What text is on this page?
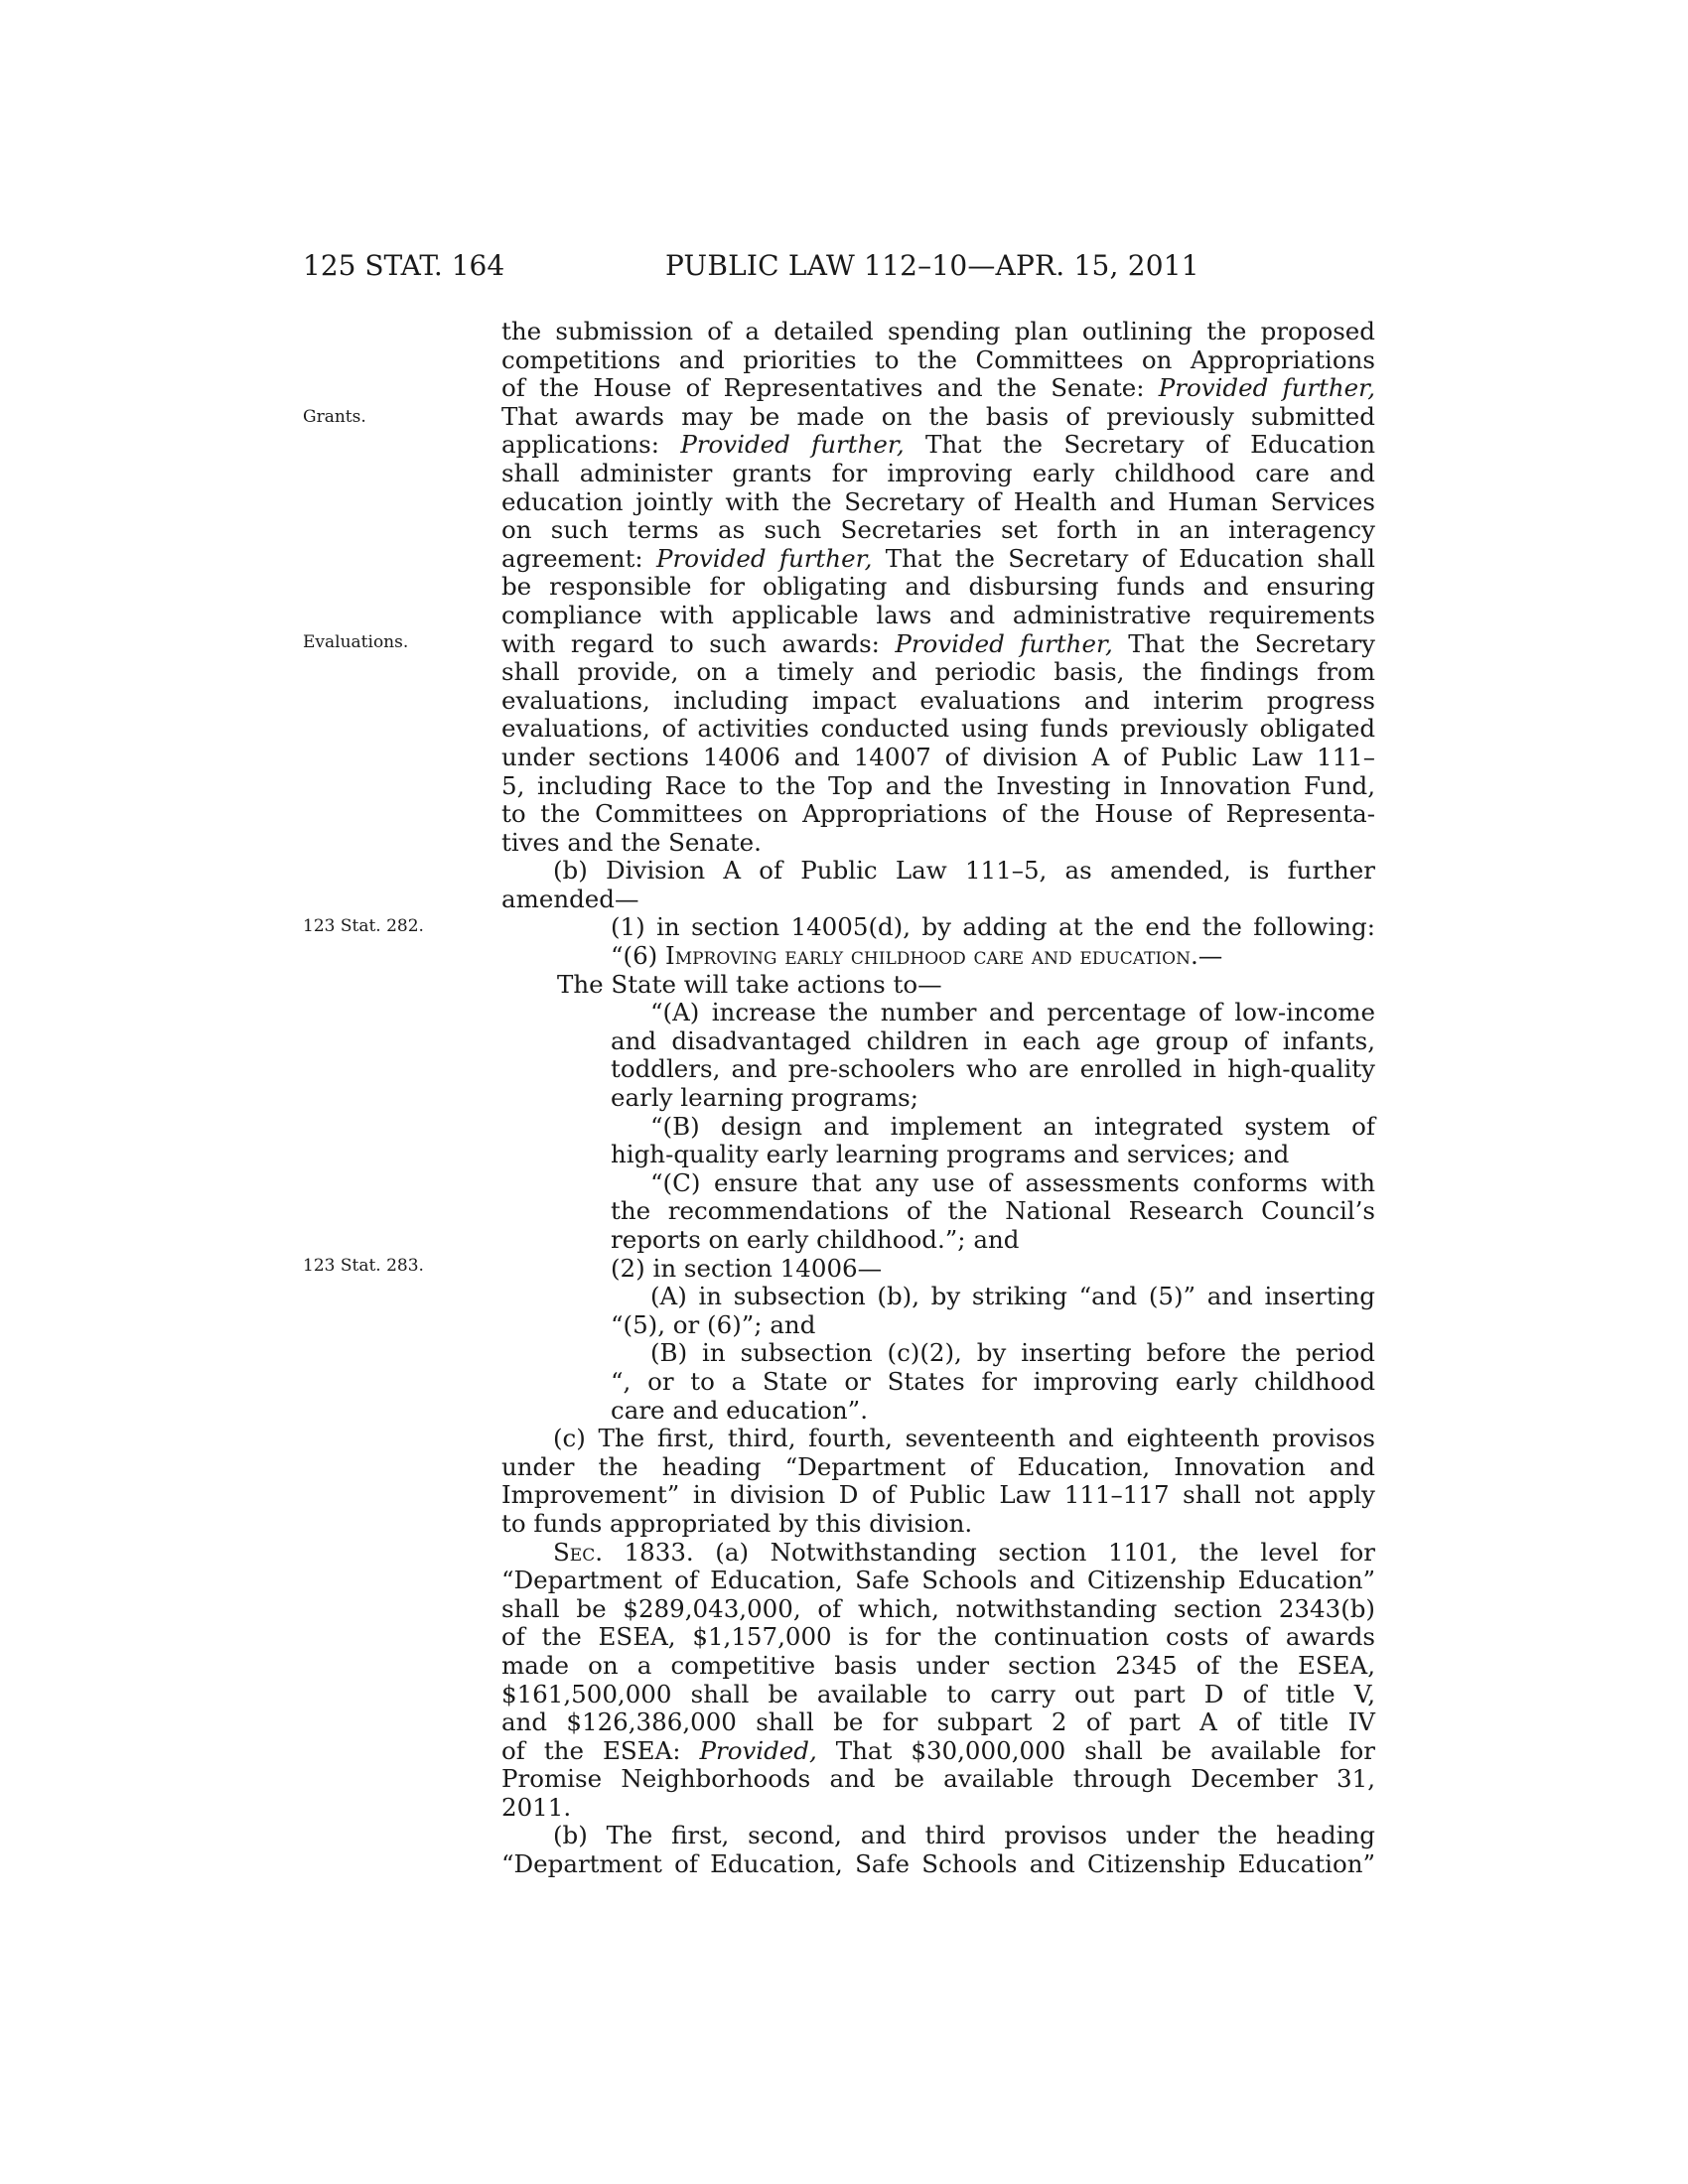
125 STAT. 164	PUBLIC LAW 112–10—APR. 15, 2011
Grants.
Evaluations.
123 Stat. 282.
123 Stat. 283.
the submission of a detailed spending plan outlining the proposed
competitions and priorities to the Committees on Appropriations
of the House of Representatives and the Senate: Provided further,
That awards may be made on the basis of previously submitted
applications: Provided further, That the Secretary of Education
shall administer grants for improving early childhood care and
education jointly with the Secretary of Health and Human Services
on such terms as such Secretaries set forth in an interagency
agreement: Provided further, That the Secretary of Education shall
be responsible for obligating and disbursing funds and ensuring
compliance with applicable laws and administrative requirements
with regard to such awards: Provided further, That the Secretary
shall provide, on a timely and periodic basis, the findings from
evaluations, including impact evaluations and interim progress
evaluations, of activities conducted using funds previously obligated
under sections 14006 and 14007 of division A of Public Law 111–
5, including Race to the Top and the Investing in Innovation Fund,
to the Committees on Appropriations of the House of Representa-
tives and the Senate.
(b) Division A of Public Law 111–5, as amended, is further
amended—
(1) in section 14005(d), by adding at the end the following:
“(6) Improving early childhood care and education.—
The State will take actions to—
“(A) increase the number and percentage of low-income
and disadvantaged children in each age group of infants,
toddlers, and pre-schoolers who are enrolled in high-quality
early learning programs;
“(B) design and implement an integrated system of
high-quality early learning programs and services; and
“(C) ensure that any use of assessments conforms with
the recommendations of the National Research Council’s
reports on early childhood.”; and
(2) in section 14006—
(A) in subsection (b), by striking “and (5)” and inserting
“(5), or (6)”; and
(B) in subsection (c)(2), by inserting before the period
“, or to a State or States for improving early childhood
care and education”.
(c) The first, third, fourth, seventeenth and eighteenth provisos
under the heading “Department of Education, Innovation and
Improvement” in division D of Public Law 111–117 shall not apply
to funds appropriated by this division.
Sec. 1833. (a) Notwithstanding section 1101, the level for
“Department of Education, Safe Schools and Citizenship Education”
shall be $289,043,000, of which, notwithstanding section 2343(b)
of the ESEA, $1,157,000 is for the continuation costs of awards
made on a competitive basis under section 2345 of the ESEA,
$161,500,000 shall be available to carry out part D of title V,
and $126,386,000 shall be for subpart 2 of part A of title IV
of the ESEA: Provided, That $30,000,000 shall be available for
Promise Neighborhoods and be available through December 31,
2011.
(b) The first, second, and third provisos under the heading
“Department of Education, Safe Schools and Citizenship Education”
